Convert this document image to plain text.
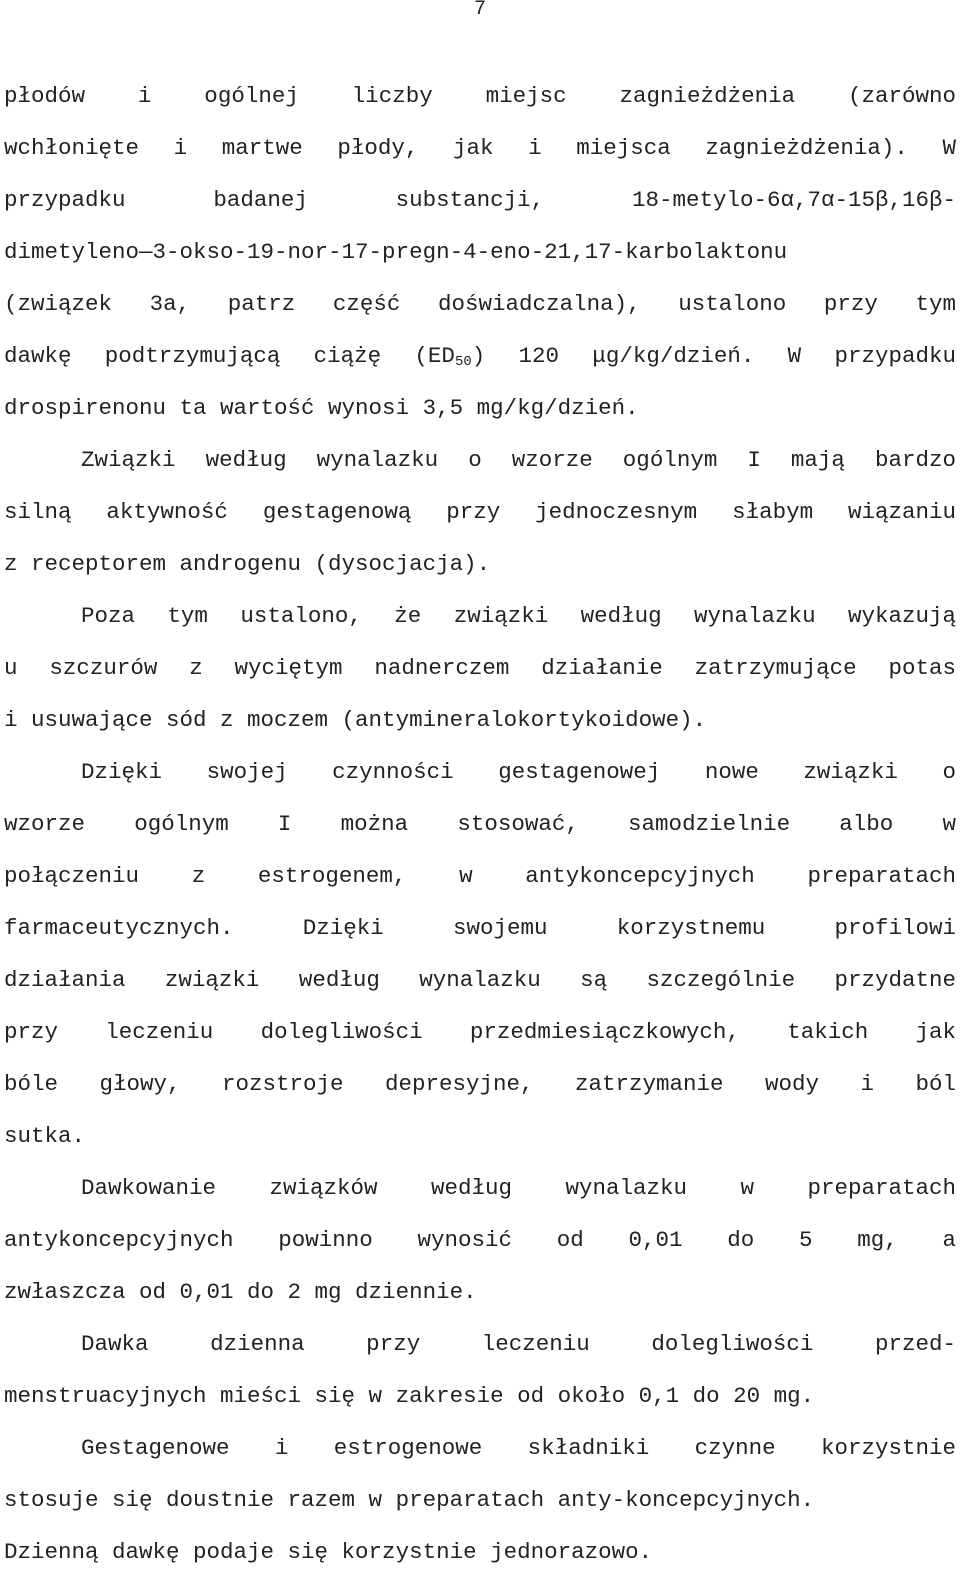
7
płodów i ogólnej liczby miejsc zagnieżdżenia (zarówno
wchłonięte i martwe płody, jak i miejsca zagnieżdżenia). W
przypadku badanej substancji, 18-metylo-6α,7α-15β,16β-
dimetyleno—3-okso-19-nor-17-pregn-4-eno-21,17-karbolaktonu
(związek 3a, patrz część doświadczalna), ustalono przy tym
dawkę podtrzymującą ciążę $(ED_{50})$ 120 μg/kg/dzień. W przypadku
drospirenonu ta wartość wynosi 3,5 mg/kg/dzień.
Związki według wynalazku o wzorze ogólnym I mają bardzo
silną aktywność gestagenową przy jednoczesnym słabym wiązaniu
z receptorem androgenu (dysocjacja).
Poza tym ustalono, że związki według wynalazku wykazują
u szczurów z wyciętym nadnerczem działanie zatrzymujące potas
i usuwające sód z moczem (antymineralokortykoidowe).
Dzięki swojej czynności gestagenowej nowe związki o
wzorze ogólnym I można stosować, samodzielnie albo w
połączeniu z estrogenem, w antykoncepcyjnych preparatach
farmaceutycznych. Dzięki swojemu korzystnemu profilowi
działania związki według wynalazku są szczególnie przydatne
przy leczeniu dolegliwości przedmiesiączkowych, takich jak
bóle głowy, rozstroje depresyjne, zatrzymanie wody i ból
sutka.
Dawkowanie związków według wynalazku w preparatach
antykoncepcyjnych powinno wynosić od 0,01 do 5 mg, a
zwłaszcza od 0,01 do 2 mg dziennie.
Dawka dzienna przy leczeniu dolegliwości przed-
menstruacyjnych mieści się w zakresie od około 0,1 do 20 mg.
Gestagenowe i estrogenowe składniki czynne korzystnie
stosuje się doustnie razem w preparatach anty-koncepcyjnych.
Dzienną dawkę podaje się korzystnie jednorazowo.
